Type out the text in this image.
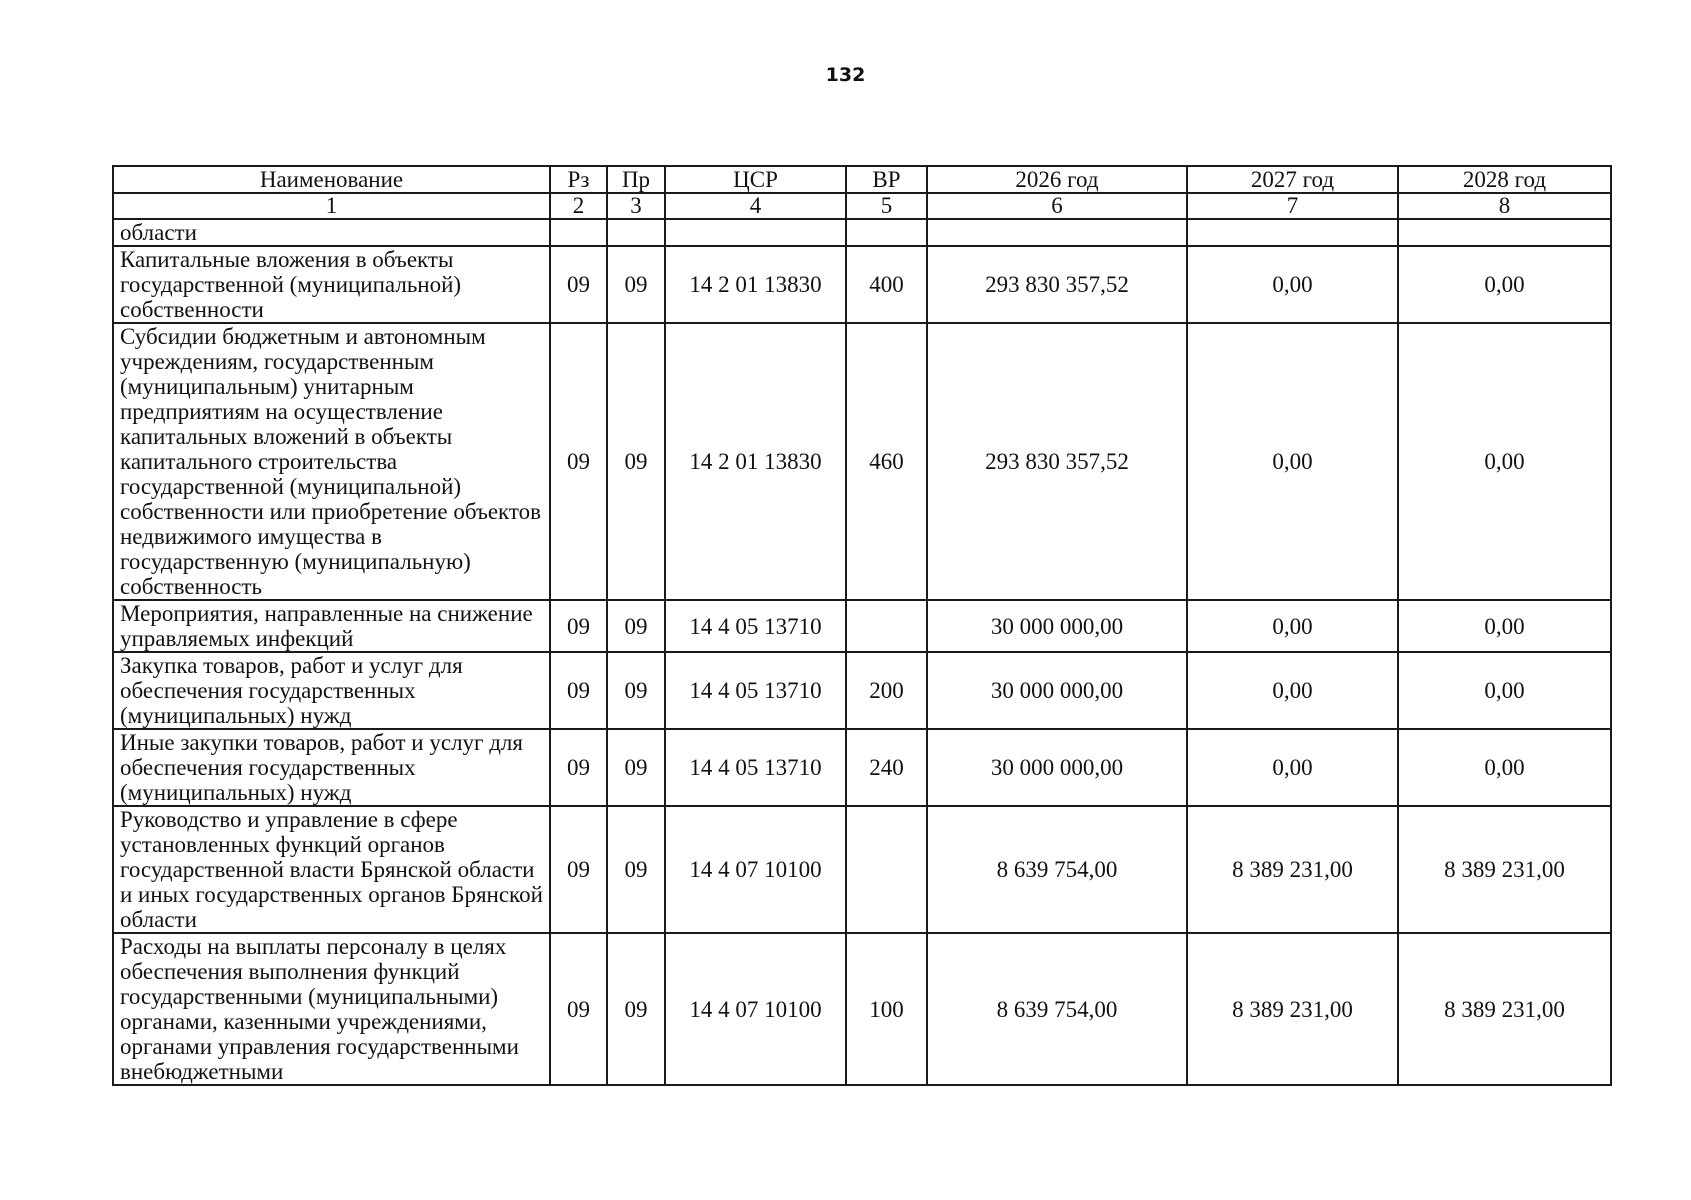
132
Наименование	Рз	Пр	ЦСР	ВР	2026 год	2027 год	2028 год
1	2	3	4	5	6	7	8
области							
Капитальные вложения в объекты государственной (муниципальной) собственности	09	09	14 2 01 13830	400	293 830 357,52	0,00	0,00
Субсидии бюджетным и автономным учреждениям, государственным (муниципальным) унитарным предприятиям на осуществление капитальных вложений в объекты капитального строительства государственной (муниципальной) собственности или приобретение объектов недвижимого имущества в государственную (муниципальную) собственность	09	09	14 2 01 13830	460	293 830 357,52	0,00	0,00
Мероприятия, направленные на снижение управляемых инфекций	09	09	14 4 05 13710		30 000 000,00	0,00	0,00
Закупка товаров, работ и услуг для обеспечения государственных (муниципальных) нужд	09	09	14 4 05 13710	200	30 000 000,00	0,00	0,00
Иные закупки товаров, работ и услуг для обеспечения государственных (муниципальных) нужд	09	09	14 4 05 13710	240	30 000 000,00	0,00	0,00
Руководство и управление в сфере установленных функций органов государственной власти Брянской области и иных государственных органов Брянской области	09	09	14 4 07 10100		8 639 754,00	8 389 231,00	8 389 231,00
Расходы на выплаты персоналу в целях обеспечения выполнения функций государственными (муниципальными) органами, казенными учреждениями, органами управления государственными внебюджетными	09	09	14 4 07 10100	100	8 639 754,00	8 389 231,00	8 389 231,00
